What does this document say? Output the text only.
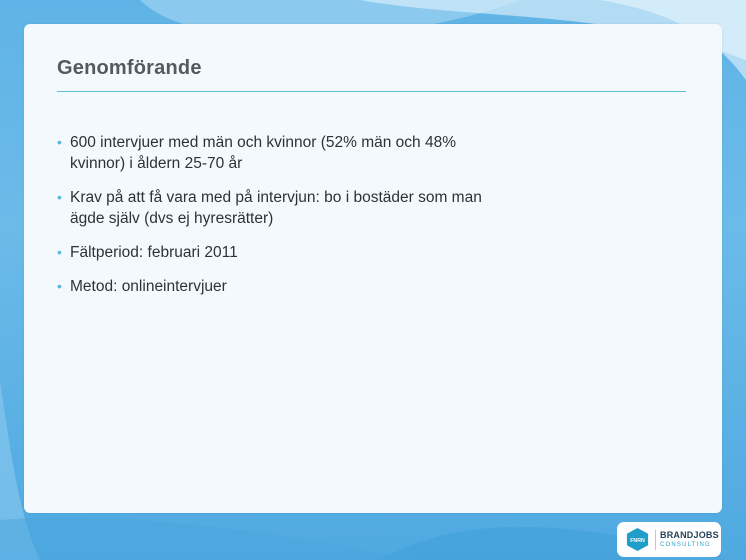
Genomförande
• 600 intervjuer med män och kvinnor (52% män och 48%
kvinnor) i åldern 25-70 år
• Krav på att få vara med på intervjun: bo i bostäder som man
ägde själv (dvs ej hyresrätter)
• Fältperiod: februari 2011
• Metod: onlineintervjuer
FNRN
BRANDJOBS
CONSULTING
